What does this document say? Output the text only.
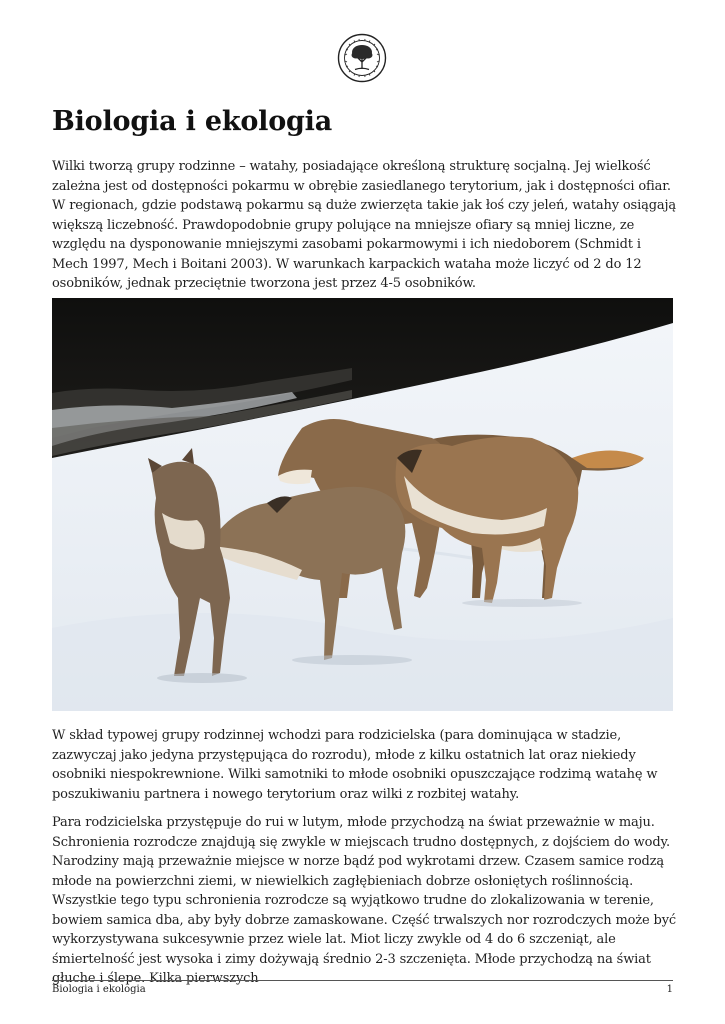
Biologia i ekologia

Wilki tworzą grupy rodzinne – watahy, posiadające określoną strukturę socjalną. Jej wielkość zależna jest od dostępności pokarmu w obrębie zasiedlanego terytorium, jak i dostępności ofiar. W regionach, gdzie podstawą pokarmu są duże zwierzęta takie jak łoś czy jeleń, watahy osiągają większą liczebność. Prawdopodobnie grupy polujące na mniejsze ofiary są mniej liczne, ze względu na dysponowanie mniejszymi zasobami pokarmowymi i ich niedoborem (Schmidt i Mech 1997, Mech i Boitani 2003). W warunkach karpackich wataha może liczyć od 2 do 12 osobników, jednak przeciętnie tworzona jest przez 4-5 osobników.

W skład typowej grupy rodzinnej wchodzi para rodzicielska (para dominująca w stadzie, zazwyczaj jako jedyna przystępująca do rozrodu), młode z kilku ostatnich lat oraz niekiedy osobniki niespokrewnione. Wilki samotniki to młode osobniki opuszczające rodzimą watahę w poszukiwaniu partnera i nowego terytorium oraz wilki z rozbitej watahy.

Para rodzicielska przystępuje do rui w lutym, młode przychodzą na świat przeważnie w maju. Schronienia rozrodcze znajdują się zwykle w miejscach trudno dostępnych, z dojściem do wody. Narodziny mają przeważnie miejsce w norze bądź pod wykrotami drzew. Czasem samice rodzą młode na powierzchni ziemi, w niewielkich zagłębieniach dobrze osłoniętych roślinnością. Wszystkie tego typu schronienia rozrodcze są wyjątkowo trudne do zlokalizowania w terenie, bowiem samica dba, aby były dobrze zamaskowane. Część trwalszych nor rozrodczych może być wykorzystywana sukcesywnie przez wiele lat. Miot liczy zwykle od 4 do 6 szczeniąt, ale śmiertelność jest wysoka i zimy dożywają średnio 2-3 szczenięta. Młode przychodzą na świat głuche i ślepe. Kilka pierwszych

Biologia i ekologia	1
